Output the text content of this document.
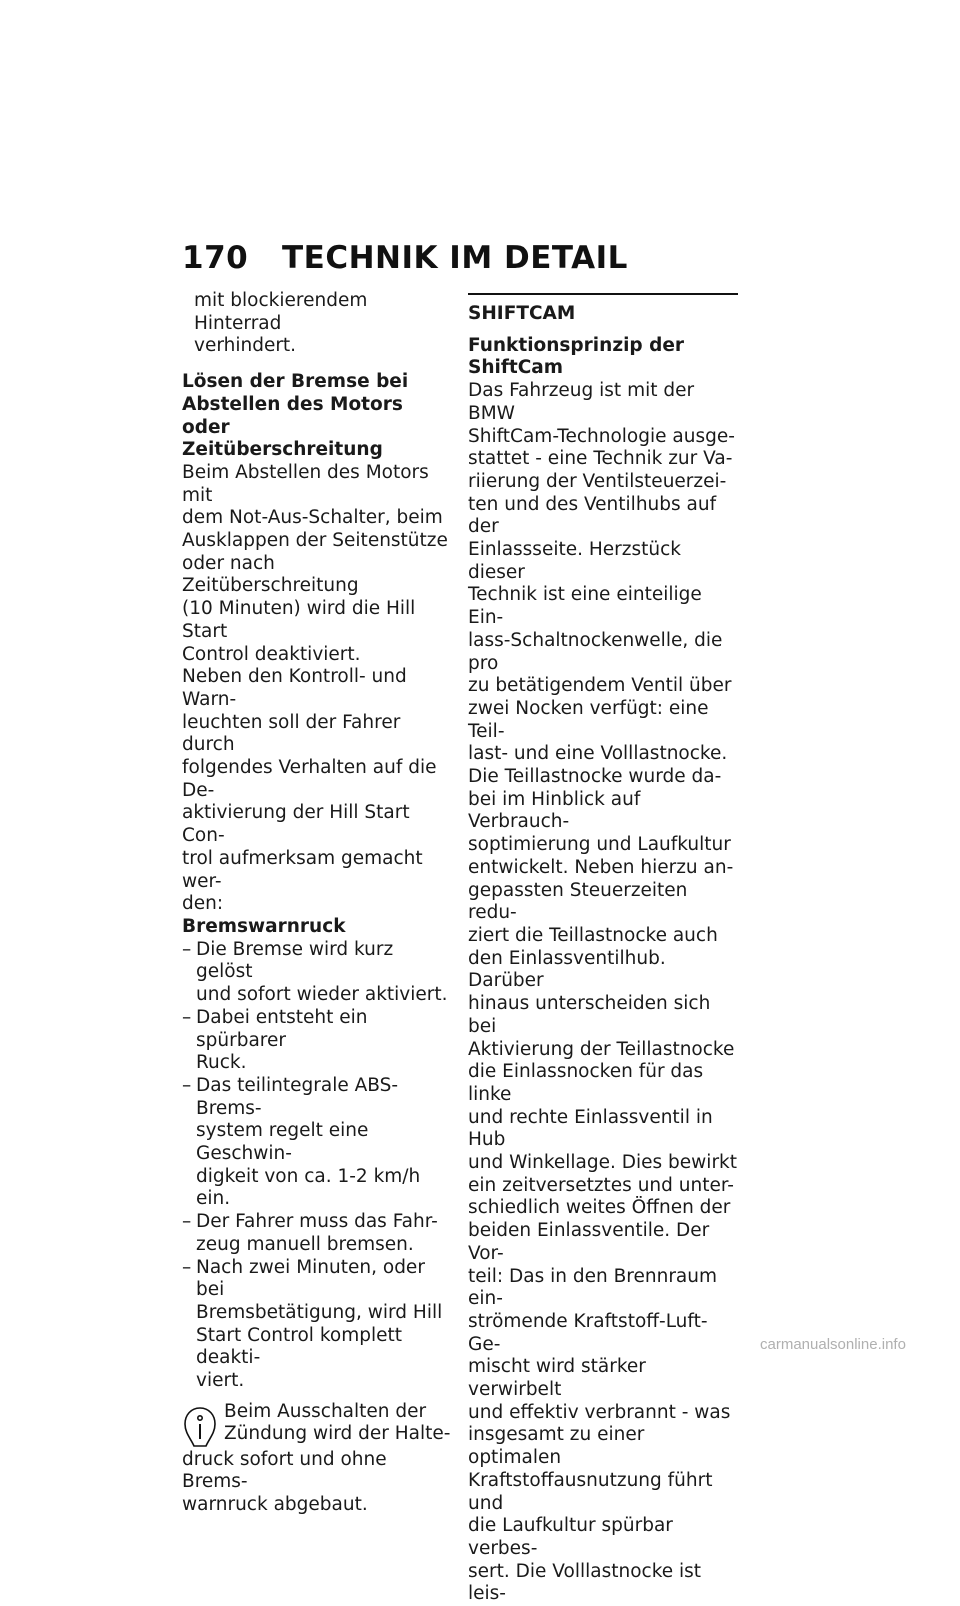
170 TECHNIK IM DETAIL

mit blockierendem Hinterrad

verhindert.

Lösen der Bremse bei

Abstellen des Motors oder

Zeitüberschreitung

Beim Abstellen des Motors mit

dem Not-Aus-Schalter, beim

Ausklappen der Seitenstütze

oder nach Zeitüberschreitung

(10 Minuten) wird die Hill Start

Control deaktiviert.

Neben den Kontroll- und Warn-

leuchten soll der Fahrer durch

folgendes Verhalten auf die De-

aktivierung der Hill Start Con-

trol aufmerksam gemacht wer-

den:

Bremswarnruck

– Die Bremse wird kurz gelöst
und sofort wieder aktiviert.
– Dabei entsteht ein spürbarer
Ruck.
– Das teilintegrale ABS-Brems-
system regelt eine Geschwin-
digkeit von ca. 1-2 km/h ein.
– Der Fahrer muss das Fahr-
zeug manuell bremsen.
– Nach zwei Minuten, oder bei
Bremsbetätigung, wird Hill
Start Control komplett deakti-
viert.

Beim Ausschalten der

Zündung wird der Halte-

druck sofort und ohne Brems-

warnruck abgebaut.

SHIFTCAM

Funktionsprinzip der ShiftCam

Das Fahrzeug ist mit der BMW

ShiftCam-Technologie ausge-

stattet - eine Technik zur Va-

riierung der Ventilsteuerzei-

ten und des Ventilhubs auf der

Einlassseite. Herzstück dieser

Technik ist eine einteilige Ein-

lass-Schaltnockenwelle, die pro

zu betätigendem Ventil über

zwei Nocken verfügt: eine Teil-

last- und eine Volllastnocke.

Die Teillastnocke wurde da-

bei im Hinblick auf Verbrauch-

soptimierung und Laufkultur

entwickelt. Neben hierzu an-

gepassten Steuerzeiten redu-

ziert die Teillastnocke auch

den Einlassventilhub. Darüber

hinaus unterscheiden sich bei

Aktivierung der Teillastnocke

die Einlassnocken für das linke

und rechte Einlassventil in Hub

und Winkellage. Dies bewirkt

ein zeitversetztes und unter-

schiedlich weites Öffnen der

beiden Einlassventile. Der Vor-

teil: Das in den Brennraum ein-

strömende Kraftstoff-Luft-Ge-

mischt wird stärker verwirbelt

und effektiv verbrannt - was

insgesamt zu einer optimalen

Kraftstoffausnutzung führt und

die Laufkultur spürbar verbes-

sert. Die Volllastnocke ist leis-

carmanualsonline.info
